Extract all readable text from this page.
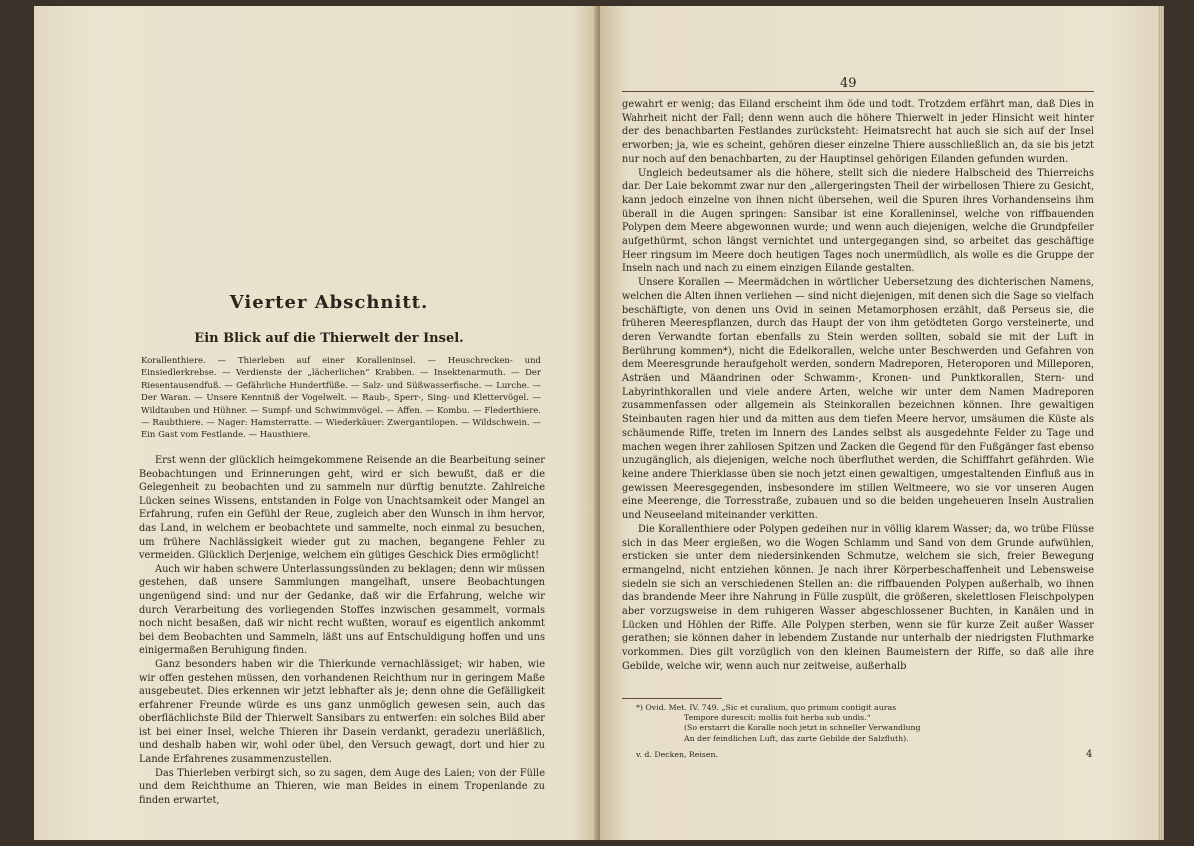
Vierter Abschnitt.
Ein Blick auf die Thierwelt der Insel.
Korallenthiere. — Thierleben auf einer Koralleninsel. — Heuschrecken- und Einsiedlerkrebse. — Verdienste der „lächerlichen“ Krabben. — Insektenarmuth. — Der Riesentausendfuß. — Gefährliche Hundertfüße. — Salz- und Süßwasserfische. — Lurche. — Der Waran. — Unsere Kenntniß der Vogelwelt. — Raub-, Sperr-, Sing- und Klettervögel. — Wildtauben und Hühner. — Sumpf- und Schwimmvögel. — Affen. — Kombu. — Flederthiere. — Raubthiere. — Nager: Hamsterratte. — Wiederkäuer: Zwergantilopen. — Wildschwein. — Ein Gast vom Festlande. — Hausthiere.

Erst wenn der glücklich heimgekommene Reisende an die Bearbeitung seiner Beobachtungen und Erinnerungen geht, wird er sich bewußt, daß er die Gelegenheit zu beobachten und zu sammeln nur dürftig benutzte. Zahlreiche Lücken seines Wissens, entstanden in Folge von Unachtsamkeit oder Mangel an Erfahrung, rufen ein Gefühl der Reue, zugleich aber den Wunsch in ihm hervor, das Land, in welchem er beobachtete und sammelte, noch einmal zu besuchen, um frühere Nachlässigkeit wieder gut zu machen, begangene Fehler zu vermeiden. Glücklich Derjenige, welchem ein gütiges Geschick Dies ermöglicht!

Auch wir haben schwere Unterlassungssünden zu beklagen; denn wir müssen gestehen, daß unsere Sammlungen mangelhaft, unsere Beobachtungen ungenügend sind: und nur der Gedanke, daß wir die Erfahrung, welche wir durch Verarbeitung des vorliegenden Stoffes inzwischen gesammelt, vormals noch nicht besaßen, daß wir nicht recht wußten, worauf es eigentlich ankommt bei dem Beobachten und Sammeln, läßt uns auf Entschuldigung hoffen und uns einigermaßen Beruhigung finden.

Ganz besonders haben wir die Thierkunde vernachlässiget; wir haben, wie wir offen gestehen müssen, den vorhandenen Reichthum nur in geringem Maße ausgebeutet. Dies erkennen wir jetzt lebhafter als je; denn ohne die Gefälligkeit erfahrener Freunde würde es uns ganz unmöglich gewesen sein, auch das oberflächlichste Bild der Thierwelt Sansibars zu entwerfen: ein solches Bild aber ist bei einer Insel, welche Thieren ihr Dasein verdankt, geradezu unerläßlich, und deshalb haben wir, wohl oder übel, den Versuch gewagt, dort und hier zu Lande Erfahrenes zusammenzustellen.

Das Thierleben verbirgt sich, so zu sagen, dem Auge des Laien; von der Fülle und dem Reichthume an Thieren, wie man Beides in einem Tropenlande zu finden erwartet,

49

gewahrt er wenig; das Eiland erscheint ihm öde und todt. Trotzdem erfährt man, daß Dies in Wahrheit nicht der Fall; denn wenn auch die höhere Thierwelt in jeder Hinsicht weit hinter der des benachbarten Festlandes zurücksteht: Heimatsrecht hat auch sie sich auf der Insel erworben; ja, wie es scheint, gehören dieser einzelne Thiere ausschließlich an, da sie bis jetzt nur noch auf den benachbarten, zu der Hauptinsel gehörigen Eilanden gefunden wurden.

Ungleich bedeutsamer als die höhere, stellt sich die niedere Halbscheid des Thierreichs dar. Der Laie bekommt zwar nur den „allergeringsten Theil der wirbellosen Thiere zu Gesicht, kann jedoch einzelne von ihnen nicht übersehen, weil die Spuren ihres Vorhandenseins ihm überall in die Augen springen: Sansibar ist eine Koralleninsel, welche von riffbauenden Polypen dem Meere abgewonnen wurde; und wenn auch diejenigen, welche die Grundpfeiler aufgethürmt, schon längst vernichtet und untergegangen sind, so arbeitet das geschäftige Heer ringsum im Meere doch heutigen Tages noch unermüdlich, als wolle es die Gruppe der Inseln nach und nach zu einem einzigen Eilande gestalten.

Unsere Korallen — Meermädchen in wörtlicher Uebersetzung des dichterischen Namens, welchen die Alten ihnen verliehen — sind nicht diejenigen, mit denen sich die Sage so vielfach beschäftigte, von denen uns Ovid in seinen Metamorphosen erzählt, daß Perseus sie, die früheren Meerespflanzen, durch das Haupt der von ihm getödteten Gorgo versteinerte, und deren Verwandte fortan ebenfalls zu Stein werden sollten, sobald sie mit der Luft in Berührung kommen*), nicht die Edelkorallen, welche unter Beschwerden und Gefahren von dem Meeresgrunde heraufgeholt werden, sondern Madreporen, Heteroporen und Milleporen, Asträen und Mäandrinen oder Schwamm-, Kronen- und Punktkorallen, Stern- und Labyrinthkorallen und viele andere Arten, welche wir unter dem Namen Madreporen zusammenfassen oder allgemein als Steinkorallen bezeichnen können. Ihre gewaltigen Steinbauten ragen hier und da mitten aus dem tiefen Meere hervor, umsäumen die Küste als schäumende Riffe, treten im Innern des Landes selbst als ausgedehnte Felder zu Tage und machen wegen ihrer zahllosen Spitzen und Zacken die Gegend für den Fußgänger fast ebenso unzugänglich, als diejenigen, welche noch überfluthet werden, die Schifffahrt gefährden. Wie keine andere Thierklasse üben sie noch jetzt einen gewaltigen, umgestaltenden Einfluß aus in gewissen Meeresgegenden, insbesondere im stillen Weltmeere, wo sie vor unseren Augen eine Meerenge, die Torresstraße, zubauen und so die beiden ungeheueren Inseln Australien und Neuseeland miteinander verkitten.

Die Korallenthiere oder Polypen gedeihen nur in völlig klarem Wasser; da, wo trübe Flüsse sich in das Meer ergießen, wo die Wogen Schlamm und Sand von dem Grunde aufwühlen, ersticken sie unter dem niedersinkenden Schmutze, welchem sie sich, freier Bewegung ermangelnd, nicht entziehen können. Je nach ihrer Körperbeschaffenheit und Lebensweise siedeln sie sich an verschiedenen Stellen an: die riffbauenden Polypen außerhalb, wo ihnen das brandende Meer ihre Nahrung in Fülle zuspült, die größeren, skelettlosen Fleischpolypen aber vorzugsweise in dem ruhigeren Wasser abgeschlossener Buchten, in Kanälen und in Lücken und Höhlen der Riffe. Alle Polypen sterben, wenn sie für kurze Zeit außer Wasser gerathen; sie können daher in lebendem Zustande nur unterhalb der niedrigsten Fluthmarke vorkommen. Dies gilt vorzüglich von den kleinen Baumeistern der Riffe, so daß alle ihre Gebilde, welche wir, wenn auch nur zeitweise, außerhalb

*) Ovid. Met. IV. 749. „Sic et curalium, quo primum contigit auras
Tempore durescit: mollis fuit herba sub undis.“
(So erstarrt die Koralle noch jetzt in schneller Verwandlung
An der feindlichen Luft, das zarte Gebilde der Salzfluth).
v. d. Decken, Reisen.	4
